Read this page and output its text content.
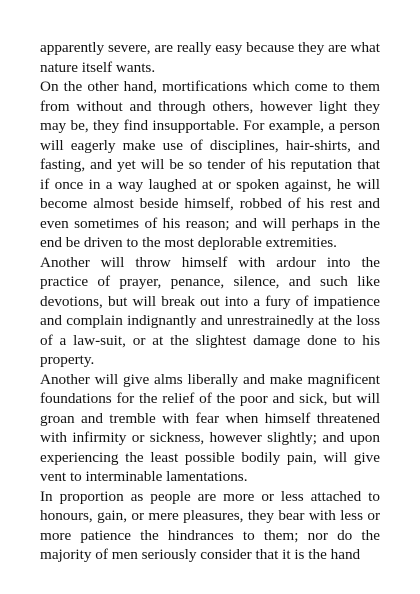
apparently severe, are really easy because they are what nature itself wants.

On the other hand, mortifications which come to them from without and through others, however light they may be, they find insupportable. For example, a person will eagerly make use of disciplines, hair-shirts, and fasting, and yet will be so tender of his reputation that if once in a way laughed at or spoken against, he will become almost beside himself, robbed of his rest and even sometimes of his reason; and will perhaps in the end be driven to the most deplorable extremities.

Another will throw himself with ardour into the practice of prayer, penance, silence, and such like devotions, but will break out into a fury of impatience and complain indignantly and unrestrainedly at the loss of a law-suit, or at the slightest damage done to his property.

Another will give alms liberally and make magnificent foundations for the relief of the poor and sick, but will groan and tremble with fear when himself threatened with infirmity or sickness, however slightly; and upon experiencing the least possible bodily pain, will give vent to interminable lamentations.

In proportion as people are more or less attached to honours, gain, or mere pleasures, they bear with less or more patience the hindrances to them; nor do the majority of men seriously consider that it is the hand
